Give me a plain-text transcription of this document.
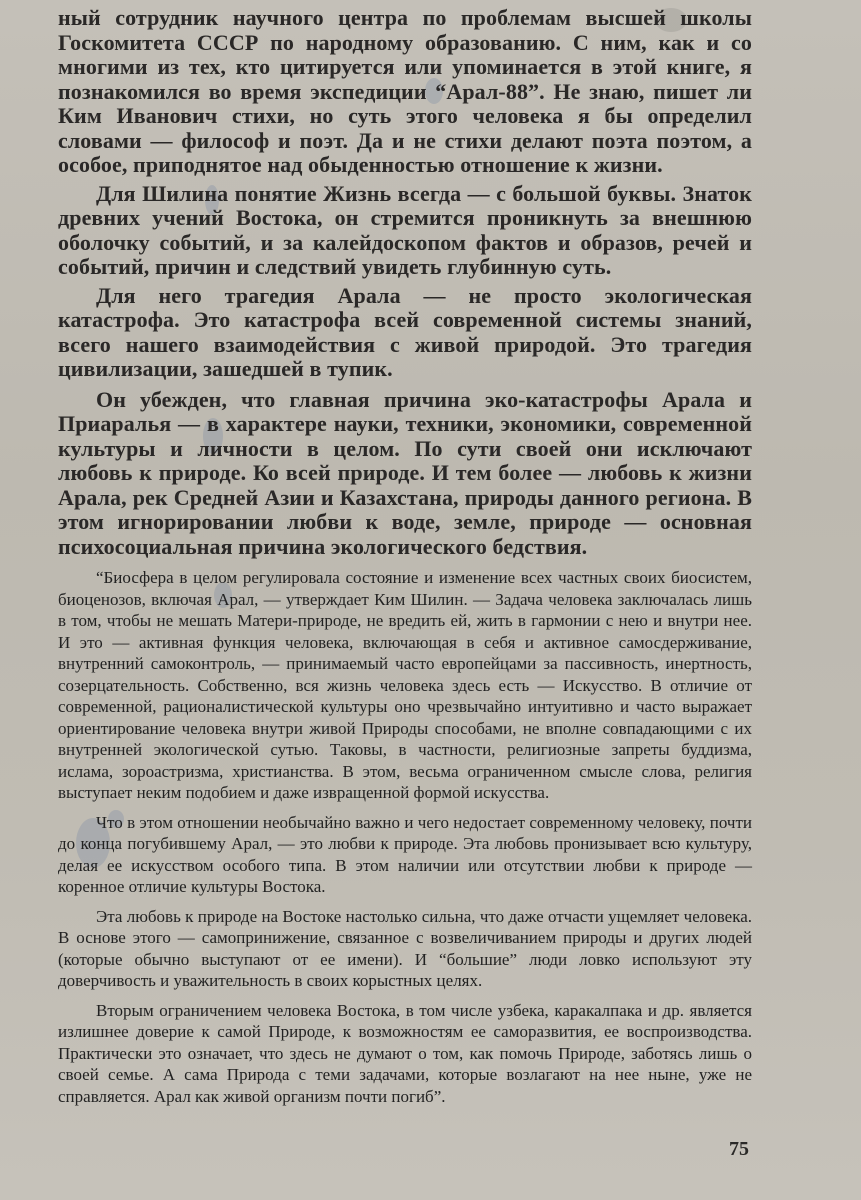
ный сотрудник научного центра по проблемам высшей школы Госкомитета СССР по народному образованию. С ним, как и со многими из тех, кто цитируется или упоминается в этой книге, я познакомился во время экспедиции “Арал-88”. Не знаю, пишет ли Ким Иванович стихи, но суть этого человека я бы определил словами — философ и поэт. Да и не стихи делают поэта поэтом, а особое, приподнятое над обыденностью отношение к жизни.

Для Шилина понятие Жизнь всегда — с большой буквы. Знаток древних учений Востока, он стремится проникнуть за внешнюю оболочку событий, и за калейдоскопом фактов и образов, речей и событий, причин и следствий увидеть глубинную суть.

Для него трагедия Арала — не просто экологическая катастрофа. Это катастрофа всей современной системы знаний, всего нашего взаимодействия с живой природой. Это трагедия цивилизации, зашедшей в тупик.

Он убежден, что главная причина эко-катастрофы Арала и Приаралья — в характере науки, техники, экономики, современной культуры и личности в целом. По сути своей они исключают любовь к природе. Ко всей природе. И тем более — любовь к жизни Арала, рек Средней Азии и Казахстана, природы данного региона. В этом игнорировании любви к воде, земле, природе — основная психосоциальная причина экологического бедствия.

“Биосфера в целом регулировала состояние и изменение всех частных своих биосистем, биоценозов, включая Арал, — утверждает Ким Шилин. — Задача человека заключалась лишь в том, чтобы не мешать Матери-природе, не вредить ей, жить в гармонии с нею и внутри нее. И это — активная функция человека, включающая в себя и активное самосдерживание, внутренний самоконтроль, — принимаемый часто европейцами за пассивность, инертность, созерцательность. Собственно, вся жизнь человека здесь есть — Искусство. В отличие от современной, рационалистической культуры оно чрезвычайно интуитивно и часто выражает ориентирование человека внутри живой Природы способами, не вполне совпадающими с их внутренней экологической сутью. Таковы, в частности, религиозные запреты буддизма, ислама, зороастризма, христианства. В этом, весьма ограниченном смысле слова, религия выступает неким подобием и даже извращенной формой искусства.

Что в этом отношении необычайно важно и чего недостает современному человеку, почти до конца погубившему Арал, — это любви к природе. Эта любовь пронизывает всю культуру, делая ее искусством особого типа. В этом наличии или отсутствии любви к природе — коренное отличие культуры Востока.

Эта любовь к природе на Востоке настолько сильна, что даже отчасти ущемляет человека. В основе этого — самопринижение, связанное с возвеличиванием природы и других людей (которые обычно выступают от ее имени). И “большие” люди ловко используют эту доверчивость и уважительность в своих корыстных целях.

Вторым ограничением человека Востока, в том числе узбека, каракалпака и др. является излишнее доверие к самой Природе, к возможностям ее саморазвития, ее воспроизводства. Практически это означает, что здесь не думают о том, как помочь Природе, заботясь лишь о своей семье. А сама Природа с теми задачами, которые возлагают на нее ныне, уже не справляется. Арал как живой организм почти погиб”.

75
